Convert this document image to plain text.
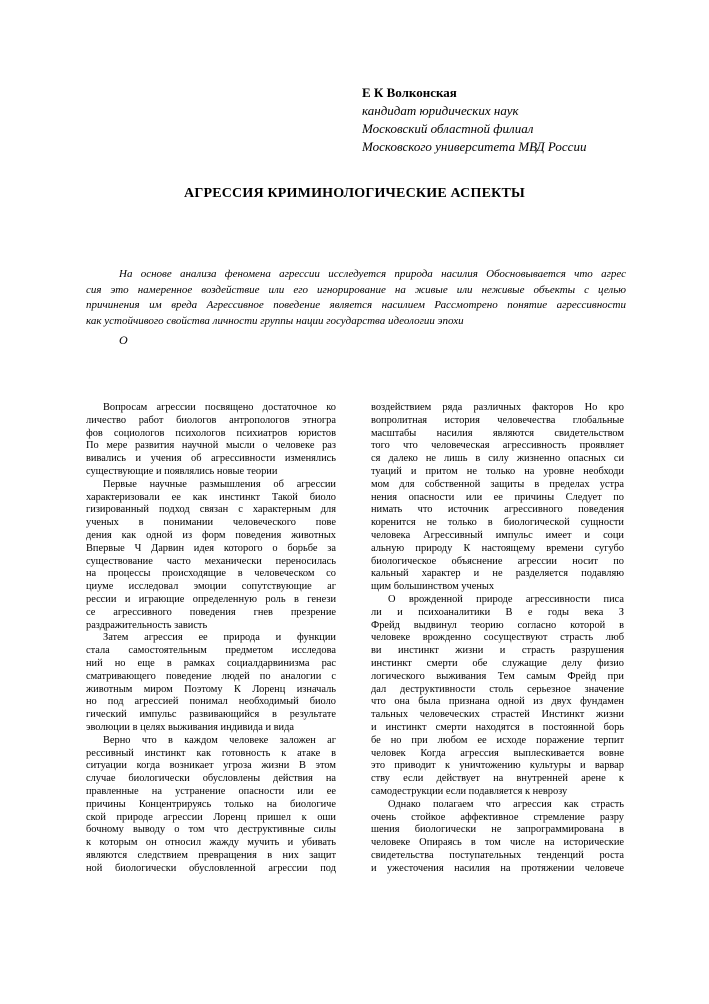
Е К Волконская
кандидат юридических наук
Московский областной филиал
Московского университета МВД России
АГРЕССИЯ КРИМИНОЛОГИЧЕСКИЕ АСПЕКТЫ
На основе анализа феномена агрессии исследуется природа насилия Обосновывается что агрес
сия это намеренное воздействие или его игнорирование на живые или неживые объекты с целью
причинения им вреда Агрессивное поведение является насилием Рассмотрено понятие агрессивности
как устойчивого свойства личности группы нации государства идеологии эпохи
О
Вопросам агрессии посвящено достаточное ко
личество работ биологов антропологов этногра
фов социологов психологов психиатров юристов
По мере развития научной мысли о человеке раз
вивались и учения об агрессивности изменялись
существующие и появлялись новые теории
Первые научные размышления об агрессии
характеризовали ее как инстинкт Такой биоло
гизированный подход связан с характерным для
ученых в понимании человеческого пове
дения как одной из форм поведения животных
Впервые Ч Дарвин идея которого о борьбе за
существование часто механически переносилась
на процессы происходящие в человеческом со
циуме исследовал эмоции сопутствующие аг
рессии и играющие определенную роль в генези
се агрессивного поведения гнев презрение
раздражительность зависть
Затем агрессия ее природа и функции
стала самостоятельным предметом исследова
ний но еще в рамках социалдарвинизма рас
сматривающего поведение людей по аналогии с
животным миром Поэтому К Лоренц изначаль
но под агрессией понимал необходимый биоло
гический импульс развивающийся в результате
эволюции в целях выживания индивида и вида
Верно что в каждом человеке заложен аг
рессивный инстинкт как готовность к атаке в
ситуации когда возникает угроза жизни В этом
случае биологически обусловлены действия на
правленные на устранение опасности или ее
причины Концентрируясь только на биологиче
ской природе агрессии Лоренц пришел к оши
бочному выводу о том что деструктивные силы
к которым он относил жажду мучить и убивать
являются следствием превращения в них защит
ной биологически обусловленной агрессии под
воздействием ряда различных факторов Но кро
вопролитная история человечества глобальные
масштабы насилия являются свидетельством
того что человеческая агрессивность проявляет
ся далеко не лишь в силу жизненно опасных си
туаций и притом не только на уровне необходи
мом для собственной защиты в пределах устра
нения опасности или ее причины Следует по
нимать что источник агрессивного поведения
коренится не только в биологической сущности
человека Агрессивный импульс имеет и соци
альную природу К настоящему времени сугубо
биологическое объяснение агрессии носит по
кальный характер и не разделяется подавляю
щим большинством ученых
О врожденной природе агрессивности писа
ли и психоаналитики В е годы века З
Фрейд выдвинул теорию согласно которой в
человеке врожденно сосуществуют страсть люб
ви инстинкт жизни и страсть разрушения
инстинкт смерти обе служащие делу физио
логического выживания Тем самым Фрейд при
дал деструктивности столь серьезное значение
что она была признана одной из двух фундамен
тальных человеческих страстей Инстинкт жизни
и инстинкт смерти находятся в постоянной борь
бе но при любом ее исходе поражение терпит
человек Когда агрессия выплескивается вовне
это приводит к уничтожению культуры и варвар
ству если действует на внутренней арене к
самодеструкции если подавляется к неврозу
Однако полагаем что агрессия как страсть
очень стойкое аффективное стремление разру
шения биологически не запрограммирована в
человеке Опираясь в том числе на исторические
свидетельства поступательных тенденций роста
и ужесточения насилия на протяжении человече
